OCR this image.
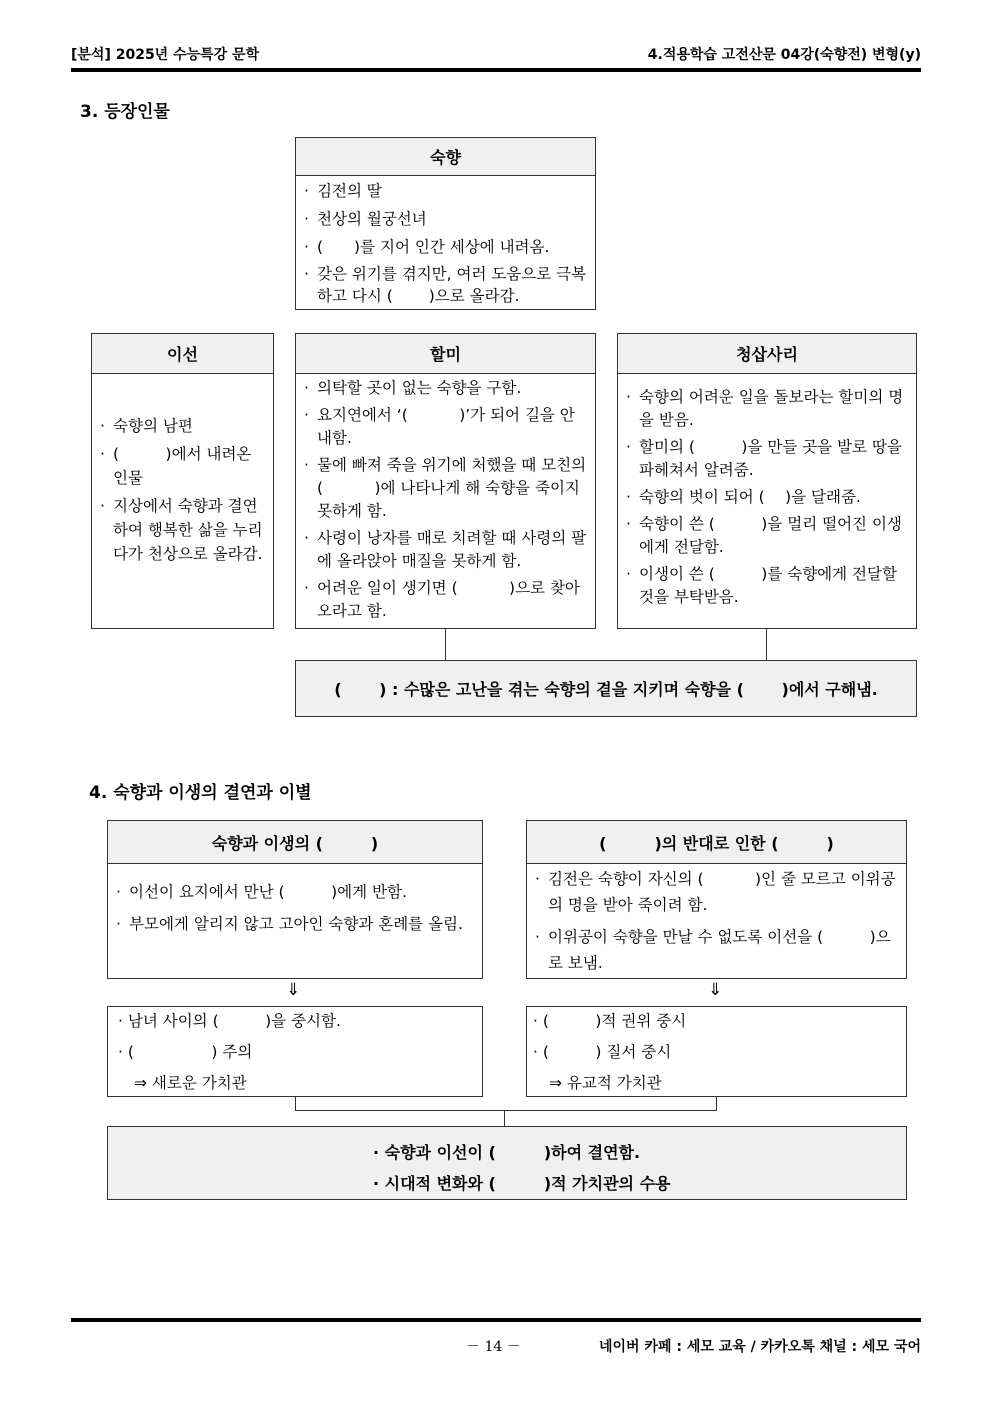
[분석] 2025년 수능특강 문학	4.적용학습 고전산문 04강(숙향전) 변형(y)
3. 등장인물
숙향
· 김전의 딸
· 천상의 월궁선녀
· (　　)를 지어 인간 세상에 내려옴.
· 갖은 위기를 겪지만, 여러 도움으로 극복하고 다시 (　　 )으로 올라감.
이선
· 숙향의 남편
· (　　　)에서 내려온 인물
· 지상에서 숙향과 결연하여 행복한 삶을 누리다가 천상으로 올라감.
할미
· 의탁할 곳이 없는 숙향을 구함.
· 요지연에서 ‘(　　　 )’가 되어 길을 안내함.
· 물에 빠져 죽을 위기에 처했을 때 모친의 (　　　 )에 나타나게 해 숙향을 죽이지 못하게 함.
· 사령이 낭자를 매로 치려할 때 사령의 팔에 올라앉아 매질을 못하게 함.
· 어려운 일이 생기면 (　　　 )으로 찾아오라고 함.
청삽사리
· 숙향의 어려운 일을 돌보라는 할미의 명을 받음.
· 할미의 (　　　)을 만들 곳을 발로 땅을 파헤쳐서 알려줌.
· 숙향의 벗이 되어 (　 )을 달래줌.
· 숙향이 쓴 (　　　)을 멀리 떨어진 이생에게 전달함.
· 이생이 쓴 (　　　)를 숙향에게 전달할 것을 부탁받음.
(　　 ) : 수많은 고난을 겪는 숙향의 곁을 지키며 숙향을 (　　 )에서 구해냄.
4. 숙향과 이생의 결연과 이별
숙향과 이생의 (　　　)
· 이선이 요지에서 만난 (　　　)에게 반함.
· 부모에게 알리지 않고 고아인 숙향과 혼례를 올림.
(　　　)의 반대로 인한 (　　　)
· 김전은 숙향이 자신의 (　　　 )인 줄 모르고 이위공의 명을 받아 죽이려 함.
· 이위공이 숙향을 만날 수 없도록 이선을 (　　　)으로 보냄.
⇓	⇓
· 남녀 사이의 (　　　)을 중시함.
· (　　　　　) 주의
⇒ 새로운 가치관
· (　　　)적 권위 중시
· (　　　) 질서 중시
⇒ 유교적 가치관
· 숙향과 이선이 (　　　)하여 결연함.
· 시대적 변화와 (　　　)적 가치관의 수용
－ 14 －	네이버 카페 : 세모 교육 / 카카오톡 채널 : 세모 국어
